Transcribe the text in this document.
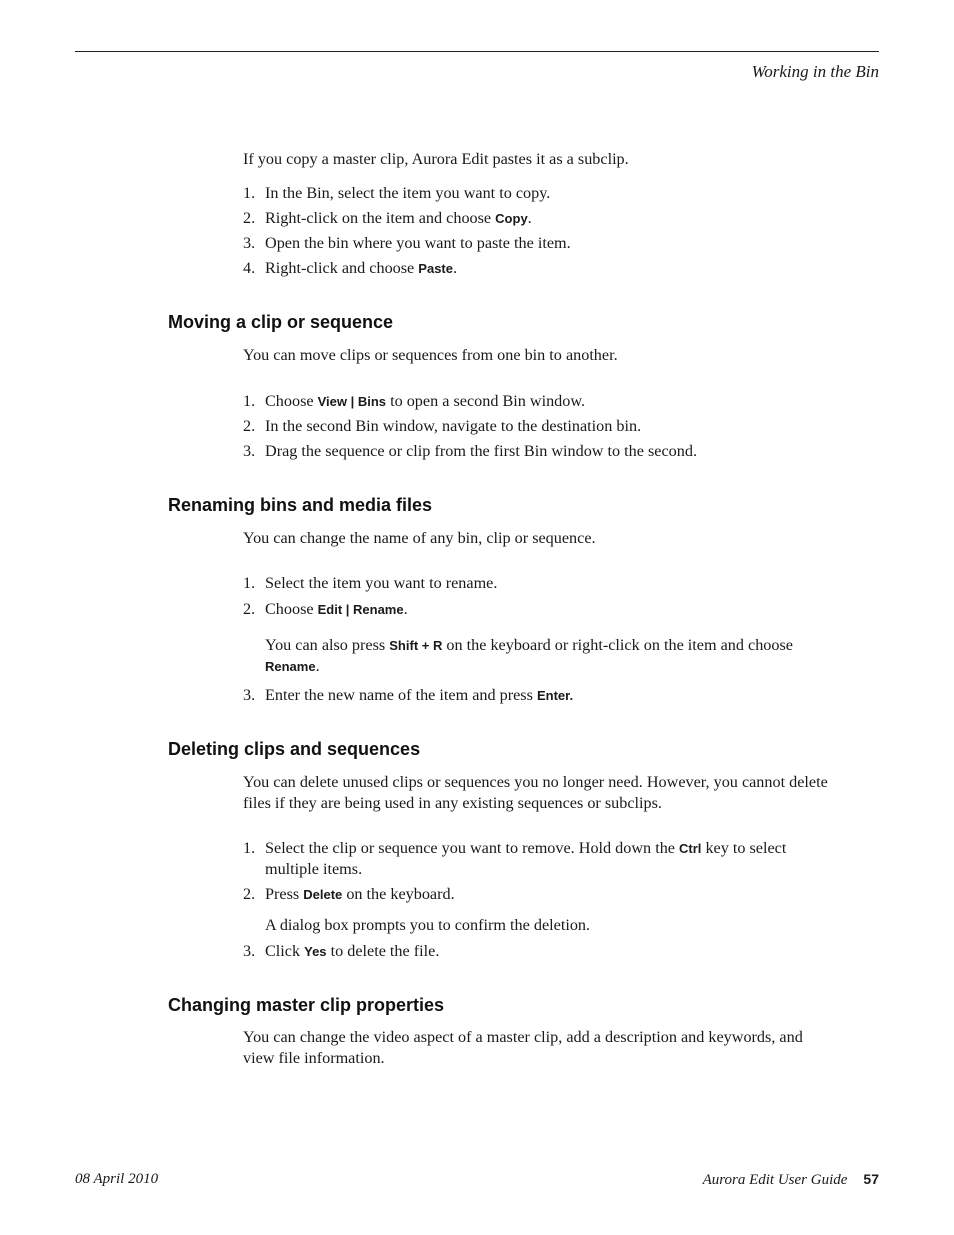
Working in the Bin
If you copy a master clip, Aurora Edit pastes it as a subclip.
1. In the Bin, select the item you want to copy.
2. Right-click on the item and choose Copy.
3. Open the bin where you want to paste the item.
4. Right-click and choose Paste.
Moving a clip or sequence
You can move clips or sequences from one bin to another.
1. Choose View | Bins to open a second Bin window.
2. In the second Bin window, navigate to the destination bin.
3. Drag the sequence or clip from the first Bin window to the second.
Renaming bins and media files
You can change the name of any bin, clip or sequence.
1. Select the item you want to rename.
2. Choose Edit | Rename.
You can also press Shift + R on the keyboard or right-click on the item and choose Rename.
3. Enter the new name of the item and press Enter.
Deleting clips and sequences
You can delete unused clips or sequences you no longer need. However, you cannot delete files if they are being used in any existing sequences or subclips.
1. Select the clip or sequence you want to remove. Hold down the Ctrl key to select multiple items.
2. Press Delete on the keyboard.
A dialog box prompts you to confirm the deletion.
3. Click Yes to delete the file.
Changing master clip properties
You can change the video aspect of a master clip, add a description and keywords, and view file information.
08 April 2010	Aurora Edit User Guide 57
